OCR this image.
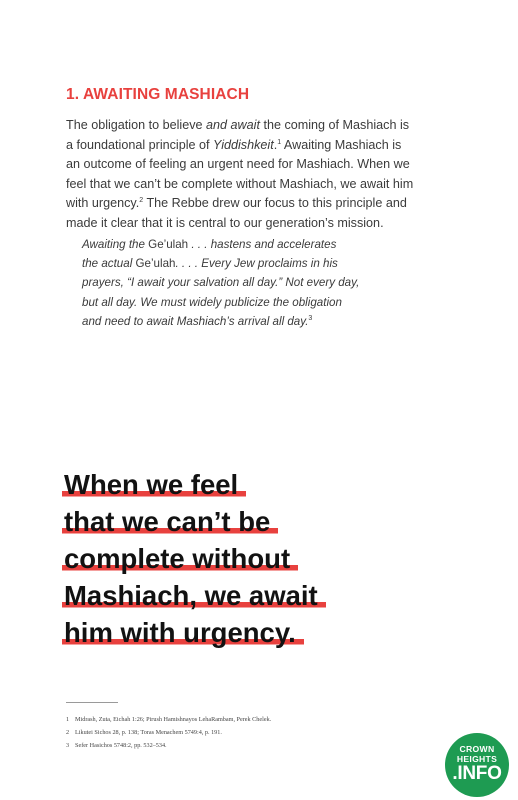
1. AWAITING MASHIACH
The obligation to believe and await the coming of Mashiach is
a foundational principle of Yiddishkeit.$^1$ Awaiting Mashiach is
an outcome of feeling an urgent need for Mashiach. When we
feel that we can’t be complete without Mashiach, we await him
with urgency.$^2$ The Rebbe drew our focus to this principle and
made it clear that it is central to our generation’s mission.
Awaiting the Ge’ulah . . . hastens and accelerates
the actual Ge’ulah. . . . Every Jew proclaims in his
prayers, “I await your salvation all day.” Not every day,
but all day. We must widely publicize the obligation
and need to await Mashiach’s arrival all day.$^3$
When we feel
that we can’t be
complete without
Mashiach, we await
him with urgency.
1 Midrash, Zuta, Eichah 1:26; Pirush Hamishnayos LehaRambam, Perek Chelek.
2 Likutei Sichos 28, p. 138; Toras Menachem 5749:4, p. 191.
3 Sefer Hasichos 5748:2, pp. 532–534.	CROWN
HEIGHTS
.INFO
